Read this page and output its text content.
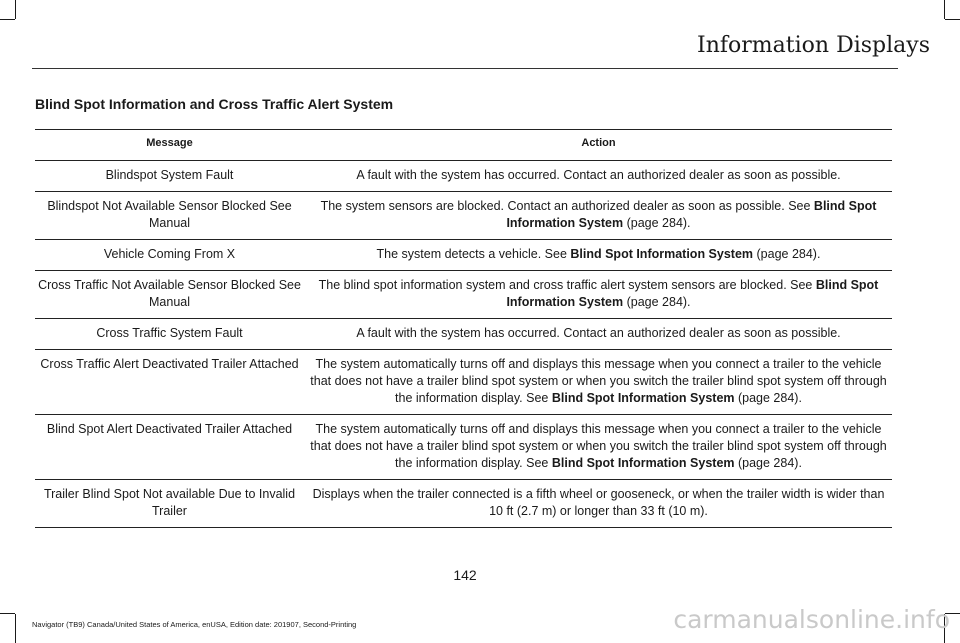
Information Displays
Blind Spot Information and Cross Traffic Alert System
Message	Action
Blindspot System Fault	A fault with the system has occurred. Contact an authorized dealer as soon as possible.
Blindspot Not Available Sensor Blocked See Manual	The system sensors are blocked. Contact an authorized dealer as soon as possible. See Blind Spot Information System (page 284).
Vehicle Coming From X	The system detects a vehicle. See Blind Spot Information System (page 284).
Cross Traffic Not Available Sensor Blocked See Manual	The blind spot information system and cross traffic alert system sensors are blocked. See Blind Spot Information System (page 284).
Cross Traffic System Fault	A fault with the system has occurred. Contact an authorized dealer as soon as possible.
Cross Traffic Alert Deactivated Trailer Attached	The system automatically turns off and displays this message when you connect a trailer to the vehicle that does not have a trailer blind spot system or when you switch the trailer blind spot system off through the information display. See Blind Spot Information System (page 284).
Blind Spot Alert Deactivated Trailer Attached	The system automatically turns off and displays this message when you connect a trailer to the vehicle that does not have a trailer blind spot system or when you switch the trailer blind spot system off through the information display. See Blind Spot Information System (page 284).
Trailer Blind Spot Not available Due to Invalid Trailer	Displays when the trailer connected is a fifth wheel or gooseneck, or when the trailer width is wider than 10 ft (2.7 m) or longer than 33 ft (10 m).
142
Navigator (TB9) Canada/United States of America, enUSA, Edition date: 201907, Second-Printing	carmanualsonline.info
